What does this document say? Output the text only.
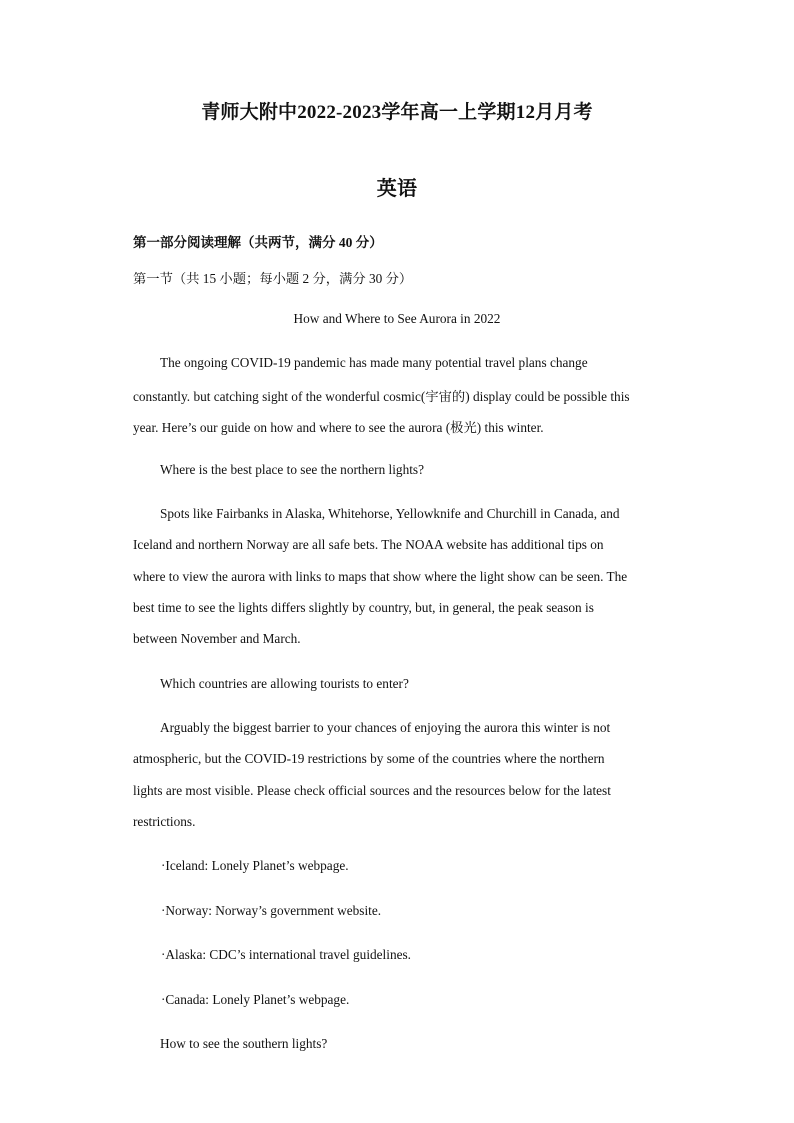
青师大附中2022-2023学年高一上学期12月月考
英语
第一部分阅读理解（共两节，满分 40 分）
第一节（共 15 小题；每小题 2 分，满分 30 分）
How and Where to See Aurora in 2022
The ongoing COVID-19 pandemic has made many potential travel plans change
constantly. but catching sight of the wonderful cosmic(宇宙的) display could be possible this
year. Here’s our guide on how and where to see the aurora (极光) this winter.
Where is the best place to see the northern lights?
Spots like Fairbanks in Alaska, Whitehorse, Yellowknife and Churchill in Canada, and
Iceland and northern Norway are all safe bets. The NOAA website has additional tips on
where to view the aurora with links to maps that show where the light show can be seen. The
best time to see the lights differs slightly by country, but, in general, the peak season is
between November and March.
Which countries are allowing tourists to enter?
Arguably the biggest barrier to your chances of enjoying the aurora this winter is not
atmospheric, but the COVID-19 restrictions by some of the countries where the northern
lights are most visible. Please check official sources and the resources below for the latest
restrictions.
·Iceland: Lonely Planet’s webpage.
·Norway: Norway’s government website.
·Alaska: CDC’s international travel guidelines.
·Canada: Lonely Planet’s webpage.
How to see the southern lights?
